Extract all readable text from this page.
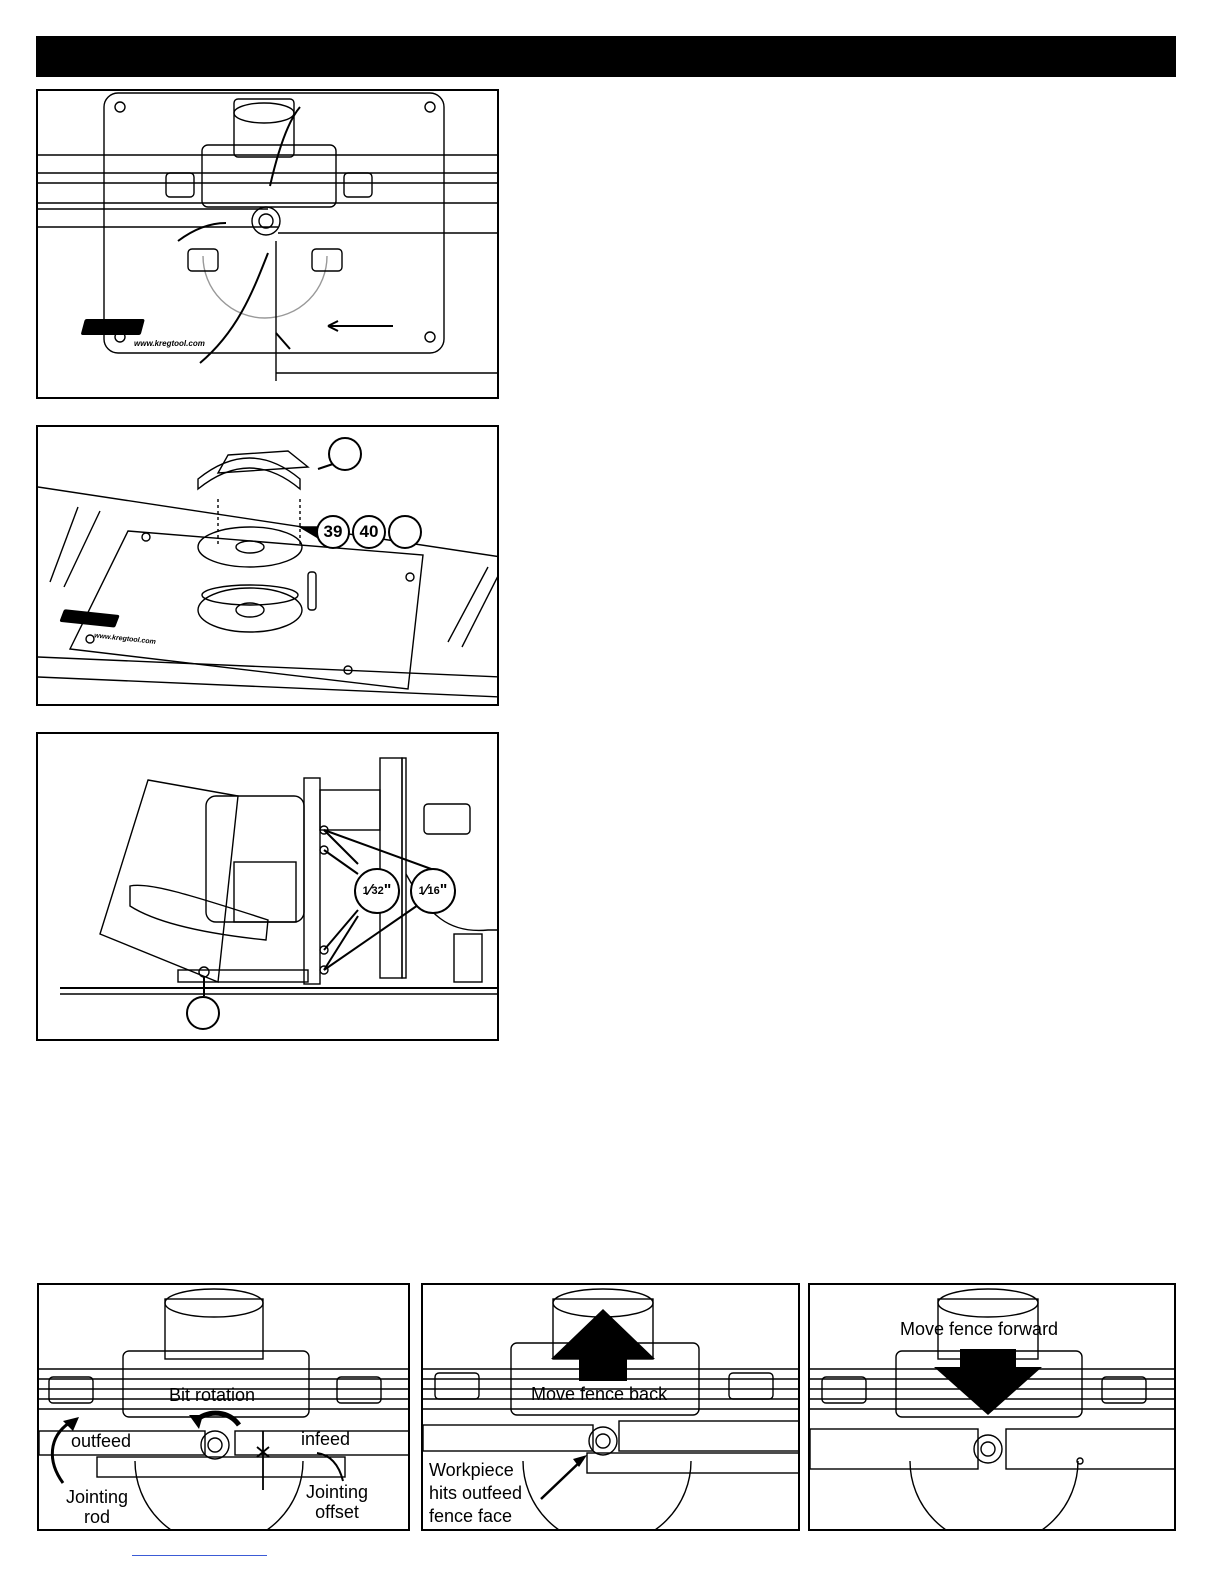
www.kregtool.com
www.kregtool.com
39	40
1 ⁄ 32 "	1 ⁄ 16 "
Bit rotation
outfeed	infeed
Jointing
rod
Jointing
offset
Move fence back
Workpiece
hits outfeed
fence face
Move fence forward
